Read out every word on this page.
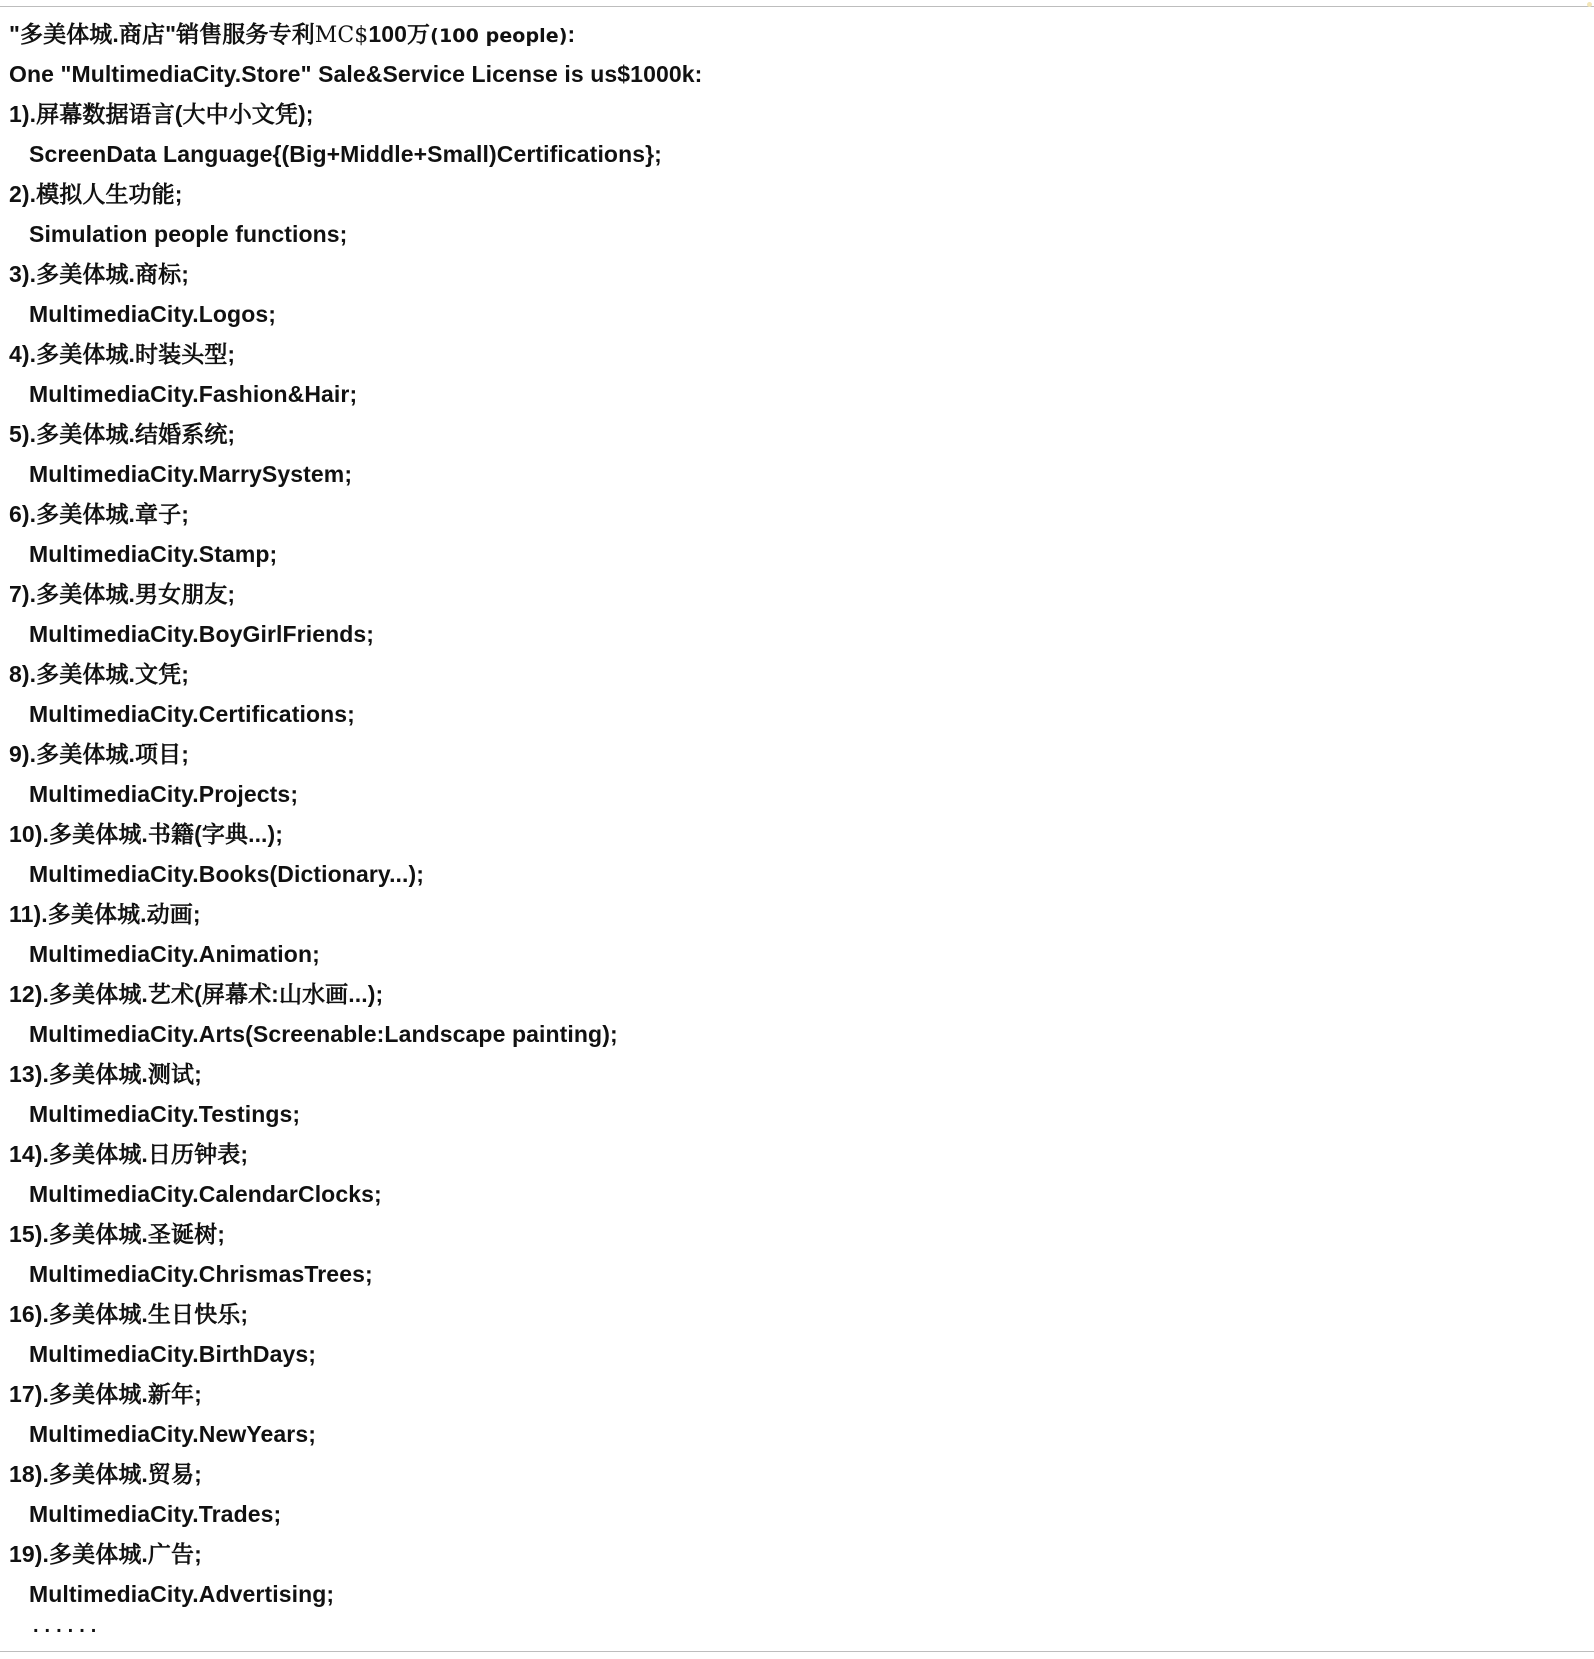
"多美体城.商店"销售服务专利MC$100万(100 people):
One "MultimediaCity.Store" Sale&Service License is us$1000k:
1).屏幕数据语言(大中小文凭);
ScreenData Language{(Big+Middle+Small)Certifications};
2).模拟人生功能;
Simulation people functions;
3).多美体城.商标;
MultimediaCity.Logos;
4).多美体城.时装头型;
MultimediaCity.Fashion&Hair;
5).多美体城.结婚系统;
MultimediaCity.MarrySystem;
6).多美体城.章子;
MultimediaCity.Stamp;
7).多美体城.男女朋友;
MultimediaCity.BoyGirlFriends;
8).多美体城.文凭;
MultimediaCity.Certifications;
9).多美体城.项目;
MultimediaCity.Projects;
10).多美体城.书籍(字典...);
MultimediaCity.Books(Dictionary...);
11).多美体城.动画;
MultimediaCity.Animation;
12).多美体城.艺术(屏幕术:山水画...);
MultimediaCity.Arts(Screenable:Landscape painting);
13).多美体城.测试;
MultimediaCity.Testings;
14).多美体城.日历钟表;
MultimediaCity.CalendarClocks;
15).多美体城.圣诞树;
MultimediaCity.ChrismasTrees;
16).多美体城.生日快乐;
MultimediaCity.BirthDays;
17).多美体城.新年;
MultimediaCity.NewYears;
18).多美体城.贸易;
MultimediaCity.Trades;
19).多美体城.广告;
MultimediaCity.Advertising;
......
